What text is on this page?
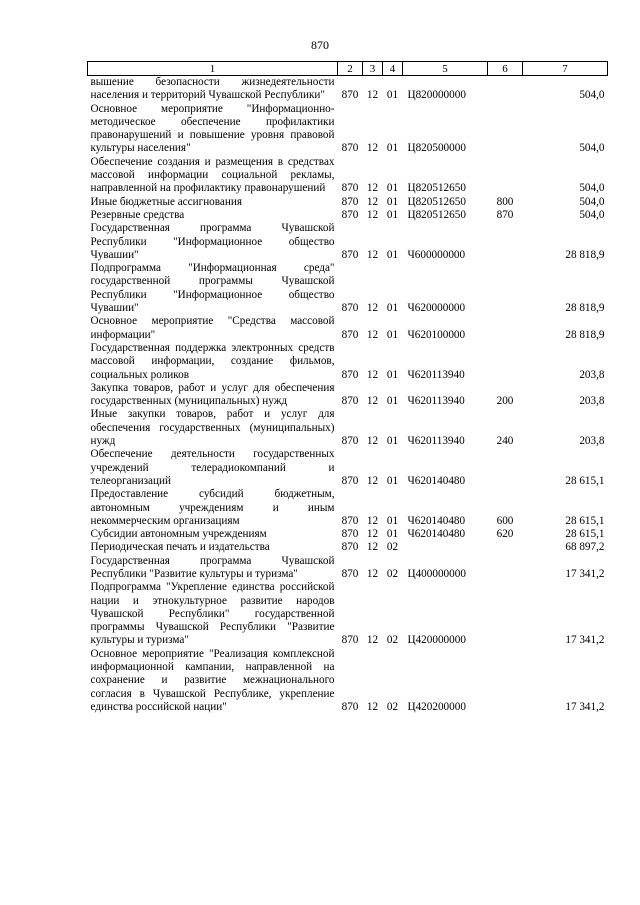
870
1	2	3	4	5	6	7
вышение безопасности жизнедеятельности населения и территорий Чувашской Республики"	870	12	01	Ц820000000		504,0
Основное мероприятие "Информационно-методическое обеспечение профилактики правонарушений и повышение уровня правовой культуры населения"	870	12	01	Ц820500000		504,0
Обеспечение создания и размещения в средствах массовой информации социальной рекламы, направленной на профилактику правонарушений	870	12	01	Ц820512650		504,0
Иные бюджетные ассигнования	870	12	01	Ц820512650	800	504,0
Резервные средства	870	12	01	Ц820512650	870	504,0
Государственная программа Чувашской Республики "Информационное общество Чувашии"	870	12	01	Ч600000000		28 818,9
Подпрограмма "Информационная среда" государственной программы Чувашской Республики "Информационное общество Чувашии"	870	12	01	Ч620000000		28 818,9
Основное мероприятие "Средства массовой информации"	870	12	01	Ч620100000		28 818,9
Государственная поддержка электронных средств массовой информации, создание фильмов, социальных роликов	870	12	01	Ч620113940		203,8
Закупка товаров, работ и услуг для обеспечения государственных (муниципальных) нужд	870	12	01	Ч620113940	200	203,8
Иные закупки товаров, работ и услуг для обеспечения государственных (муниципальных) нужд	870	12	01	Ч620113940	240	203,8
Обеспечение деятельности государственных учреждений телерадиокомпаний и телеорганизаций	870	12	01	Ч620140480		28 615,1
Предоставление субсидий бюджетным, автономным учреждениям и иным некоммерческим организациям	870	12	01	Ч620140480	600	28 615,1
Субсидии автономным учреждениям	870	12	01	Ч620140480	620	28 615,1
Периодическая печать и издательства	870	12	02			68 897,2
Государственная программа Чувашской Республики "Развитие культуры и туризма"	870	12	02	Ц400000000		17 341,2
Подпрограмма "Укрепление единства российской нации и этнокультурное развитие народов Чувашской Республики" государственной программы Чувашской Республики "Развитие культуры и туризма"	870	12	02	Ц420000000		17 341,2
Основное мероприятие "Реализация комплексной информационной кампании, направленной на сохранение и развитие межнационального согласия в Чувашской Республике, укрепление единства российской нации"	870	12	02	Ц420200000		17 341,2
